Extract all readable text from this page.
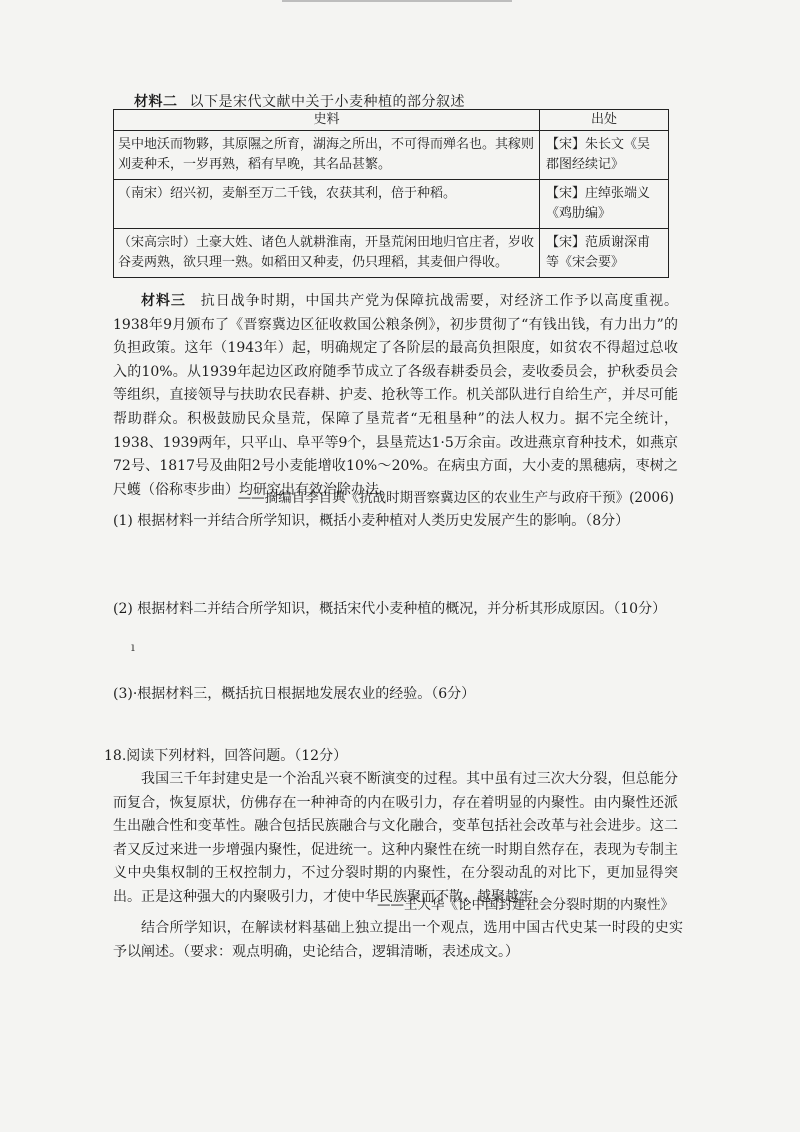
材料二 以下是宋代文献中关于小麦种植的部分叙述
史料	出处
吴中地沃而物夥，其原隰之所育，湖海之所出，不可得而殚名也。其稼则刈麦种禾，一岁再熟，稻有早晚，其名品甚繁。	【宋】朱长文《吴郡图经续记》
（南宋）绍兴初，麦斛至万二千钱，农获其利，倍于种稻。	【宋】庄绰张端义《鸡肋编》
（宋高宗时）土豪大姓、诸色人就耕淮南，开垦荒闲田地归官庄者，岁收谷麦两熟，欲只理一熟。如稻田又种麦，仍只理稻，其麦佃户得收。	【宋】范质谢深甫等《宋会要》
材料三　 抗日战争时期，中国共产党为保障抗战需要，对经济工作予以高度重视。1938年9月颁布了《晋察冀边区征收救国公粮条例》，初步贯彻了“有钱出钱，有力出力”的负担政策。这年（1943年）起，明确规定了各阶层的最高负担限度，如贫农不得超过总收入的10%。从1939年起边区政府随季节成立了各级春耕委员会，麦收委员会，护秋委员会等组织，直接领导与扶助农民春耕、护麦、抢秋等工作。机关部队进行自给生产，并尽可能帮助群众。积极鼓励民众垦荒，保障了垦荒者“无租垦种”的法人权力。据不完全统计，1938、1939两年，只平山、阜平等9个，县垦荒达1·5万余亩。改进燕京育种技术，如燕京72号、1817号及曲阳2号小麦能增收10%～20%。在病虫方面，大小麦的黑穗病，枣树之尺蠖（俗称枣步曲）均研究出有效治除办法。
——摘编自李自典《抗战时期晋察冀边区的农业生产与政府干预》(2006)
(1) 根据材料一并结合所学知识，概括小麦种植对人类历史发展产生的影响。（8分）
(2) 根据材料二并结合所学知识，概括宋代小麦种植的概况，并分析其形成原因。（10分）
ı
(3)·根据材料三，概括抗日根据地发展农业的经验。（6分）
18.阅读下列材料，回答问题。（12分）
我国三千年封建史是一个治乱兴衰不断演变的过程。其中虽有过三次大分裂，但总能分而复合，恢复原状，仿佛存在一种神奇的内在吸引力，存在着明显的内聚性。由内聚性还派生出融合性和变革性。融合包括民族融合与文化融合，变革包括社会改革与社会进步。这二者又反过来进一步增强内聚性，促进统一。这种内聚性在统一时期自然存在，表现为专制主义中央集权制的王权控制力，不过分裂时期的内聚性，在分裂动乱的对比下，更加显得突出。正是这种强大的内聚吸引力，才使中华民族聚而不散、越聚越牢。
——王大华《论中国封建社会分裂时期的内聚性》
结合所学知识，在解读材料基础上独立提出一个观点，选用中国古代史某一时段的史实予以阐述。（要求：观点明确，史论结合，逻辑清晰，表述成文。）
